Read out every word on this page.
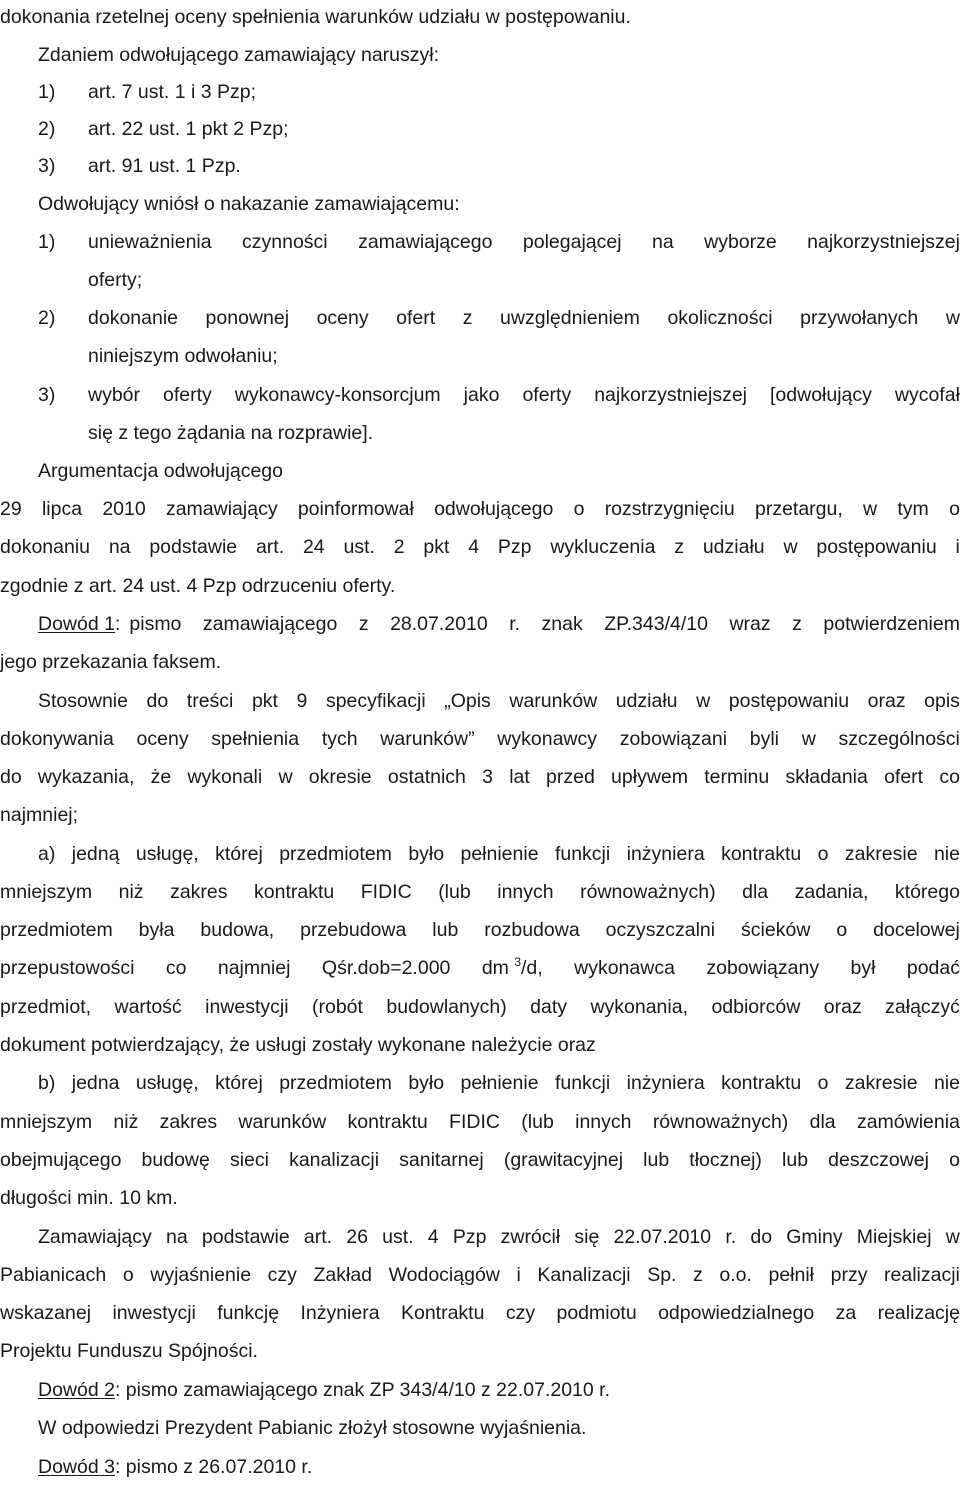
dokonania rzetelnej oceny spełnienia warunków udziału w postępowaniu.
Zdaniem odwołującego zamawiający naruszył:
1) art. 7 ust. 1 i 3 Pzp;
2) art. 22 ust. 1 pkt 2 Pzp;
3) art. 91 ust. 1 Pzp.
Odwołujący wniósł o nakazanie zamawiającemu:
1) unieważnienia czynności zamawiającego polegającej na wyborze najkorzystniejszej
oferty;
2) dokonanie ponownej oceny ofert z uwzględnieniem okoliczności przywołanych w
niniejszym odwołaniu;
3) wybór oferty wykonawcy-konsorcjum jako oferty najkorzystniejszej [odwołujący wycofał
się z tego żądania na rozprawie].
Argumentacja odwołującego
29 lipca 2010 zamawiający poinformował odwołującego o rozstrzygnięciu przetargu, w tym o
dokonaniu na podstawie art. 24 ust. 2 pkt 4 Pzp wykluczenia z udziału w postępowaniu i
zgodnie z art. 24 ust. 4 Pzp odrzuceniu oferty.
Dowód 1: pismo zamawiającego z 28.07.2010 r. znak ZP.343/4/10 wraz z potwierdzeniem
jego przekazania faksem.
Stosownie do treści pkt 9 specyfikacji „Opis warunków udziału w postępowaniu oraz opis
dokonywania oceny spełnienia tych warunków” wykonawcy zobowiązani byli w szczególności
do wykazania, że wykonali w okresie ostatnich 3 lat przed upływem terminu składania ofert co
najmniej;
a) jedną usługę, której przedmiotem było pełnienie funkcji inżyniera kontraktu o zakresie nie
mniejszym niż zakres kontraktu FIDIC (lub innych równoważnych) dla zadania, którego
przedmiotem była budowa, przebudowa lub rozbudowa oczyszczalni ścieków o docelowej
przepustowości co najmniej Qśr.dob=2.000 dm $^3$/d, wykonawca zobowiązany był podać
przedmiot, wartość inwestycji (robót budowlanych) daty wykonania, odbiorców oraz załączyć
dokument potwierdzający, że usługi zostały wykonane należycie oraz
b) jedna usługę, której przedmiotem było pełnienie funkcji inżyniera kontraktu o zakresie nie
mniejszym niż zakres warunków kontraktu FIDIC (lub innych równoważnych) dla zamówienia
obejmującego budowę sieci kanalizacji sanitarnej (grawitacyjnej lub tłocznej) lub deszczowej o
długości min. 10 km.
Zamawiający na podstawie art. 26 ust. 4 Pzp zwrócił się 22.07.2010 r. do Gminy Miejskiej w
Pabianicach o wyjaśnienie czy Zakład Wodociągów i Kanalizacji Sp. z o.o. pełnił przy realizacji
wskazanej inwestycji funkcję Inżyniera Kontraktu czy podmiotu odpowiedzialnego za realizację
Projektu Funduszu Spójności.
Dowód 2: pismo zamawiającego znak ZP 343/4/10 z 22.07.2010 r.
W odpowiedzi Prezydent Pabianic złożył stosowne wyjaśnienia.
Dowód 3: pismo z 26.07.2010 r.
